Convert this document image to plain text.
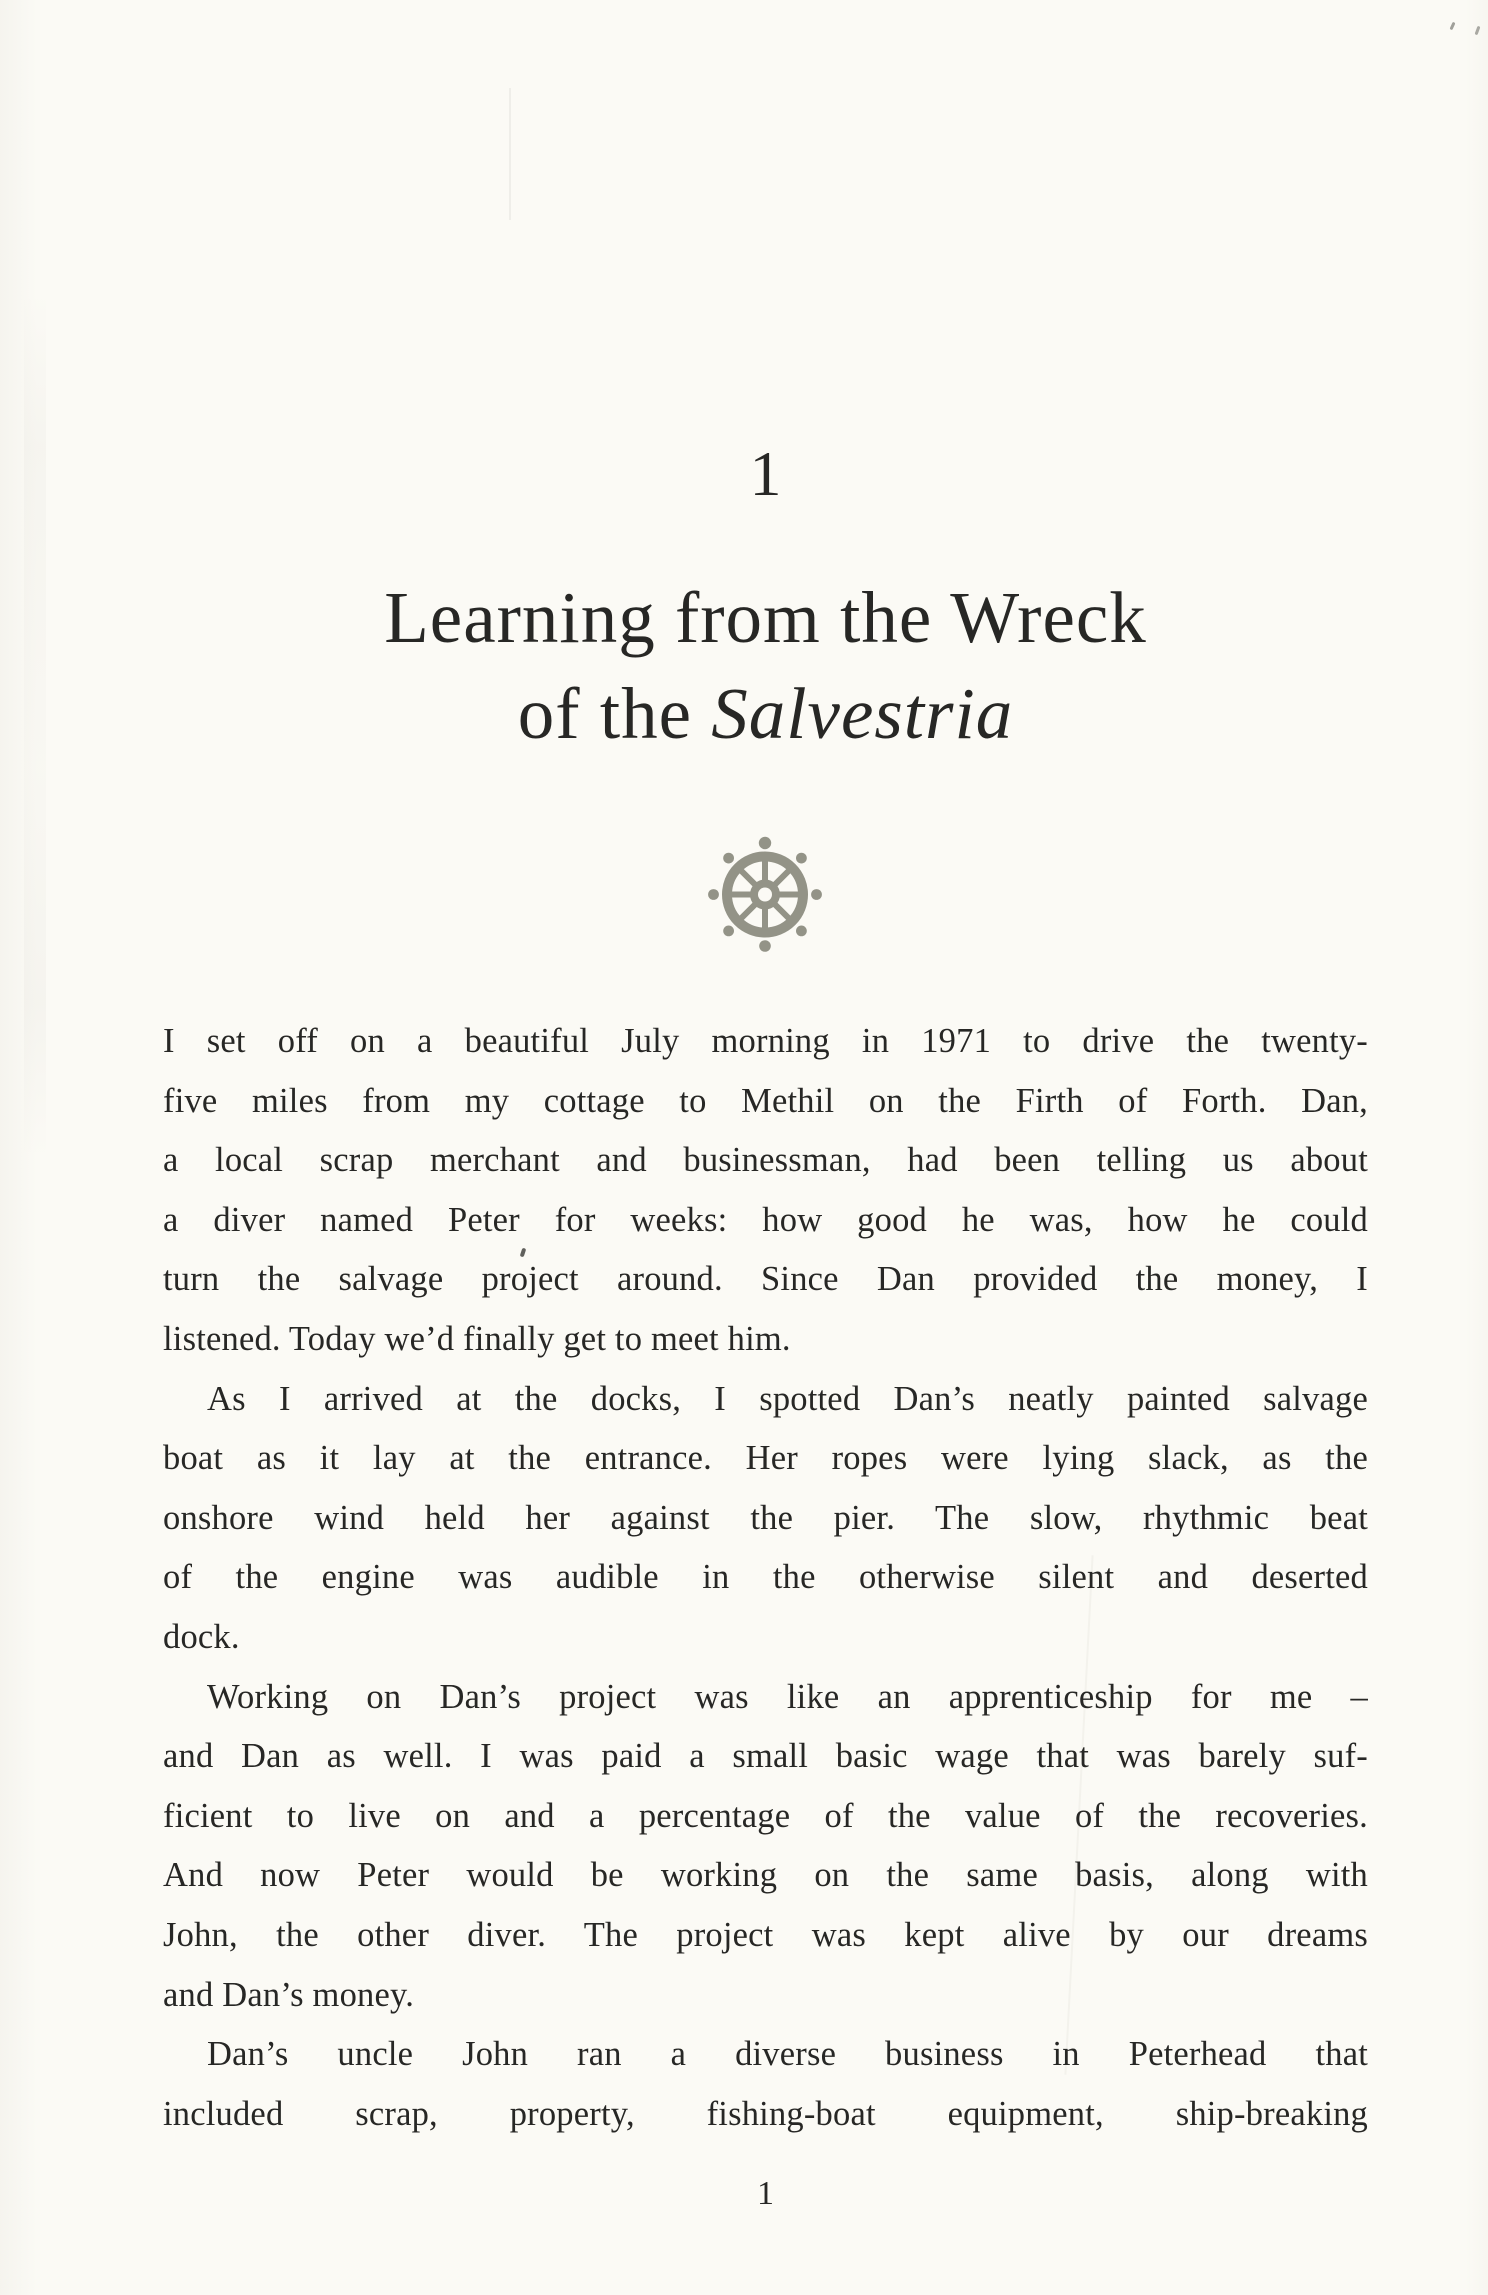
1
Learning from the Wreck
of the Salvestria
I set off on a beautiful July morning in 1971 to drive the twenty-
five miles from my cottage to Methil on the Firth of Forth. Dan,
a local scrap merchant and businessman, had been telling us about
a diver named Peter for weeks: how good he was, how he could
turn the salvage project around. Since Dan provided the money, I
listened. Today we’d finally get to meet him.
As I arrived at the docks, I spotted Dan’s neatly painted salvage
boat as it lay at the entrance. Her ropes were lying slack, as the
onshore wind held her against the pier. The slow, rhythmic beat
of the engine was audible in the otherwise silent and deserted
dock.
Working on Dan’s project was like an apprenticeship for me –
and Dan as well. I was paid a small basic wage that was barely suf-
ficient to live on and a percentage of the value of the recoveries.
And now Peter would be working on the same basis, along with
John, the other diver. The project was kept alive by our dreams
and Dan’s money.
Dan’s uncle John ran a diverse business in Peterhead that
included scrap, property, fishing-boat equipment, ship-breaking
1
